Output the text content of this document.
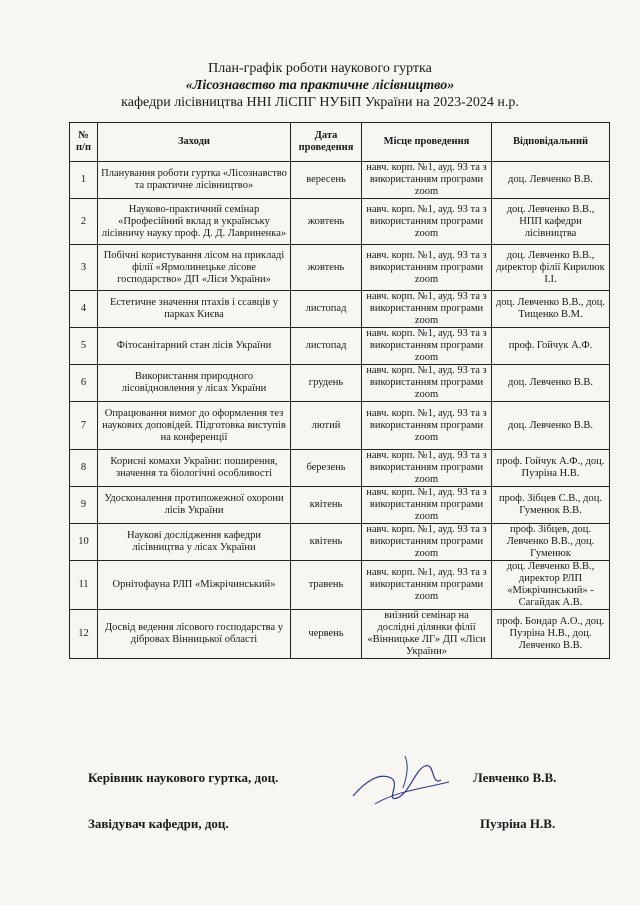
План-графік роботи наукового гуртка
«Лісознавство та практичне лісівництво»
кафедри лісівництва ННІ ЛіСПГ НУБіП України на 2023-2024 н.р.
№ п/п	Заходи	Дата проведення	Місце проведення	Відповідальний
1	Планування роботи гуртка «Лісознавство та практичне лісівництво»	вересень	навч. корп. №1, ауд. 93 та з використанням програми zoom	доц. Левченко В.В.
2	Науково-практичний семінар «Професійний вклад в українську лісівничу науку проф. Д. Д. Лавриненка»	жовтень	навч. корп. №1, ауд. 93 та з використанням програми zoom	доц. Левченко В.В., НПП кафедри лісівництва
3	Побічні користування лісом на прикладі філії «Ярмолинецьке лісове господарство» ДП «Ліси України»	жовтень	навч. корп. №1, ауд. 93 та з використанням програми zoom	доц. Левченко В.В., директор філії Кирилюк І.І.
4	Естетичне значення птахів і ссавців у парках Києва	листопад	навч. корп. №1, ауд. 93 та з використанням програми zoom	доц. Левченко В.В., доц. Тищенко В.М.
5	Фітосанітарний стан лісів України	листопад	навч. корп. №1, ауд. 93 та з використанням програми zoom	проф. Гойчук А.Ф.
6	Використання природного лісовідновлення у лісах України	грудень	навч. корп. №1, ауд. 93 та з використанням програми zoom	доц. Левченко В.В.
7	Опрацювання вимог до оформлення тез наукових доповідей. Підготовка виступів на конференції	лютий	навч. корп. №1, ауд. 93 та з використанням програми zoom	доц. Левченко В.В.
8	Корисні комахи України: поширення, значення та біологічні особливості	березень	навч. корп. №1, ауд. 93 та з використанням програми zoom	проф. Гойчук А.Ф., доц. Пузріна Н.В.
9	Удосконалення протипожежної охорони лісів України	квітень	навч. корп. №1, ауд. 93 та з використанням програми zoom	проф. Зібцев С.В., доц. Гуменюк В.В.
10	Наукові дослідження кафедри лісівництва у лісах України	квітень	навч. корп. №1, ауд. 93 та з використанням програми zoom	проф. Зібцев, доц. Левченко В.В., доц. Гуменюк
11	Орнітофауна РЛП «Міжрічинський»	травень	навч. корп. №1, ауд. 93 та з використанням програми zoom	доц. Левченко В.В., директор РЛП «Міжрічинський» - Сагайдак А.В.
12	Досвід ведення лісового господарства у дібровах Вінницької області	червень	виїзний семінар на дослідні ділянки філії «Вінницьке ЛГ» ДП «Ліси України»	проф. Бондар А.О., доц. Пузріна Н.В., доц. Левченко В.В.
Керівник наукового гуртка, доц.	Левченко В.В.
Завідувач кафедри, доц.	Пузріна Н.В.
